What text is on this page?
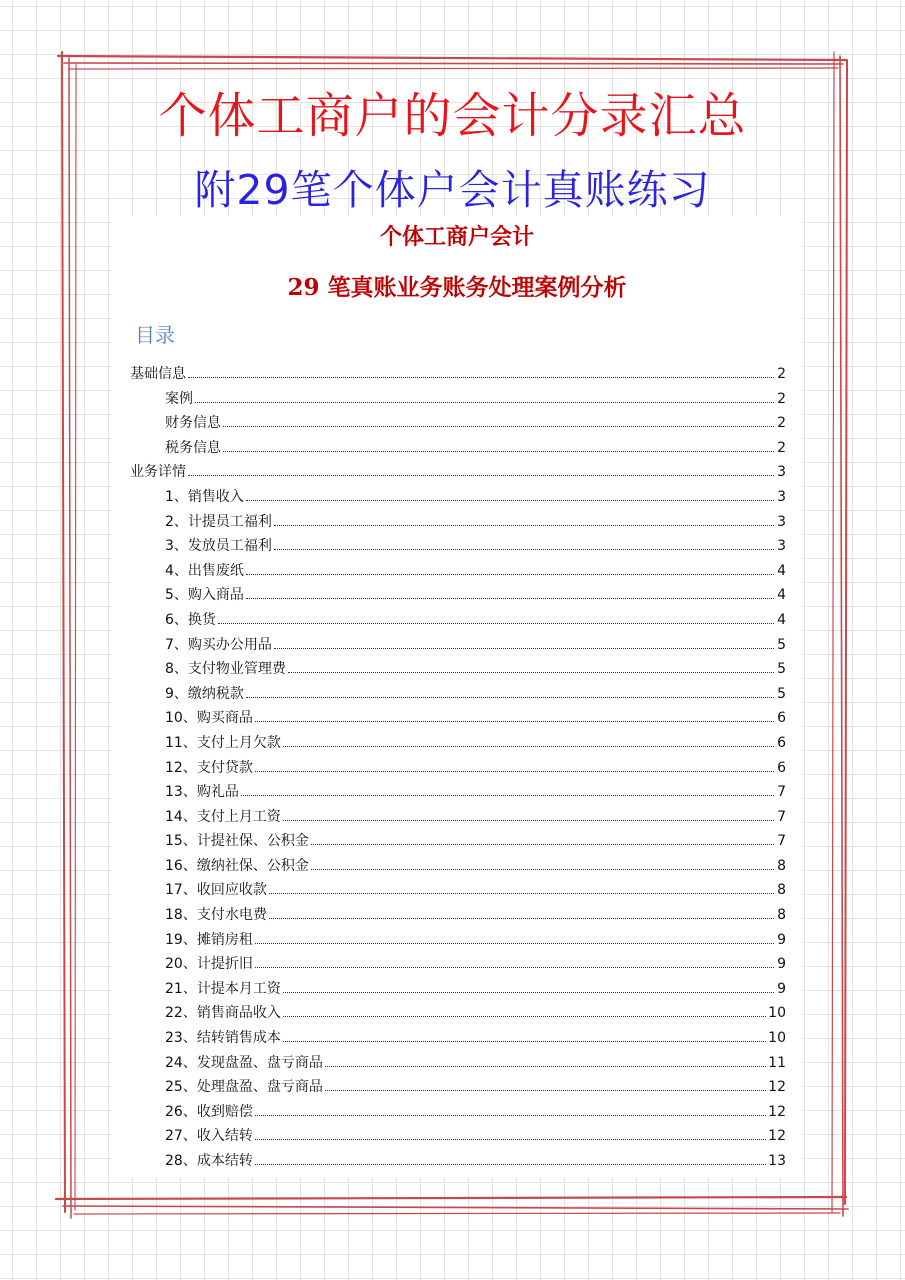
个体工商户的会计分录汇总
附29笔个体户会计真账练习
个体工商户会计
29 笔真账业务账务处理案例分析
目录
基础信息	2
案例	2
财务信息	2
税务信息	2
业务详情	3
1、销售收入	3
2、计提员工福利	3
3、发放员工福利	3
4、出售废纸	4
5、购入商品	4
6、换货	4
7、购买办公用品	5
8、支付物业管理费	5
9、缴纳税款	5
10、购买商品	6
11、支付上月欠款	6
12、支付贷款	6
13、购礼品	7
14、支付上月工资	7
15、计提社保、公积金	7
16、缴纳社保、公积金	8
17、收回应收款	8
18、支付水电费	8
19、摊销房租	9
20、计提折旧	9
21、计提本月工资	9
22、销售商品收入	10
23、结转销售成本	10
24、发现盘盈、盘亏商品	11
25、处理盘盈、盘亏商品	12
26、收到赔偿	12
27、收入结转	12
28、成本结转	13
